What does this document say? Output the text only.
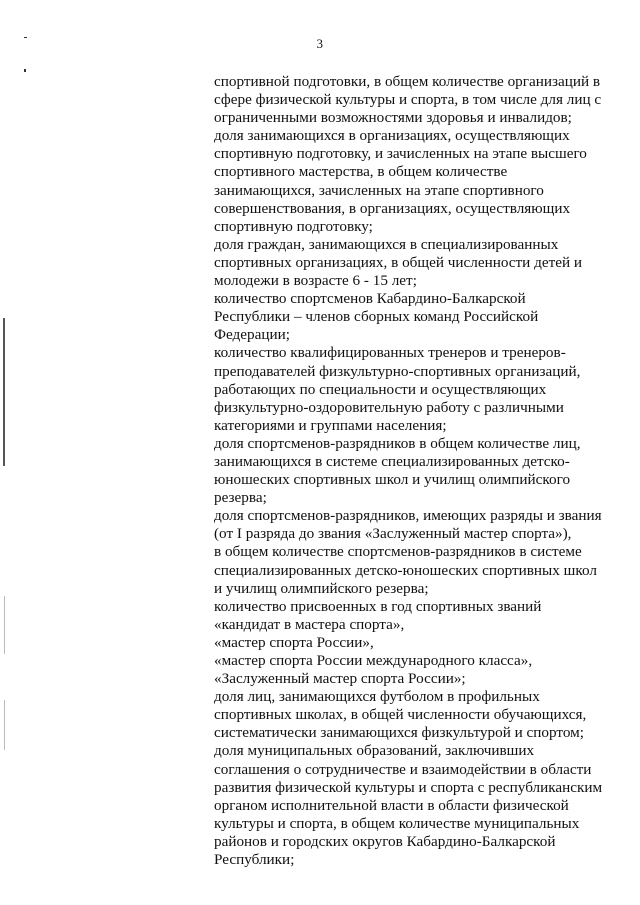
3
спортивной подготовки, в общем количестве организаций в
сфере физической культуры и спорта, в том числе для лиц с
ограниченными возможностями здоровья и инвалидов;
доля занимающихся в организациях, осуществляющих
спортивную подготовку, и зачисленных на этапе высшего
спортивного мастерства, в общем количестве
занимающихся, зачисленных на этапе спортивного
совершенствования, в организациях, осуществляющих
спортивную подготовку;
доля граждан, занимающихся в специализированных
спортивных организациях, в общей численности детей и
молодежи в возрасте 6 - 15 лет;
количество спортсменов Кабардино-Балкарской
Республики – членов сборных команд Российской
Федерации;
количество квалифицированных тренеров и тренеров-
преподавателей физкультурно-спортивных организаций,
работающих по специальности и осуществляющих
физкультурно-оздоровительную работу с различными
категориями и группами населения;
доля спортсменов-разрядников в общем количестве лиц,
занимающихся в системе специализированных детско-
юношеских спортивных школ и училищ олимпийского
резерва;
доля спортсменов-разрядников, имеющих разряды и звания
(от I разряда до звания «Заслуженный мастер спорта»),
в общем количестве спортсменов-разрядников в системе
специализированных детско-юношеских спортивных школ
и училищ олимпийского резерва;
количество присвоенных в год спортивных званий
«кандидат в мастера спорта»,
«мастер спорта России»,
«мастер спорта России международного класса»,
«Заслуженный мастер спорта России»;
доля лиц, занимающихся футболом в профильных
спортивных школах, в общей численности обучающихся,
систематически занимающихся физкультурой и спортом;
доля муниципальных образований, заключивших
соглашения о сотрудничестве и взаимодействии в области
развития физической культуры и спорта с республиканским
органом исполнительной власти в области физической
культуры и спорта, в общем количестве муниципальных
районов и городских округов Кабардино-Балкарской
Республики;
